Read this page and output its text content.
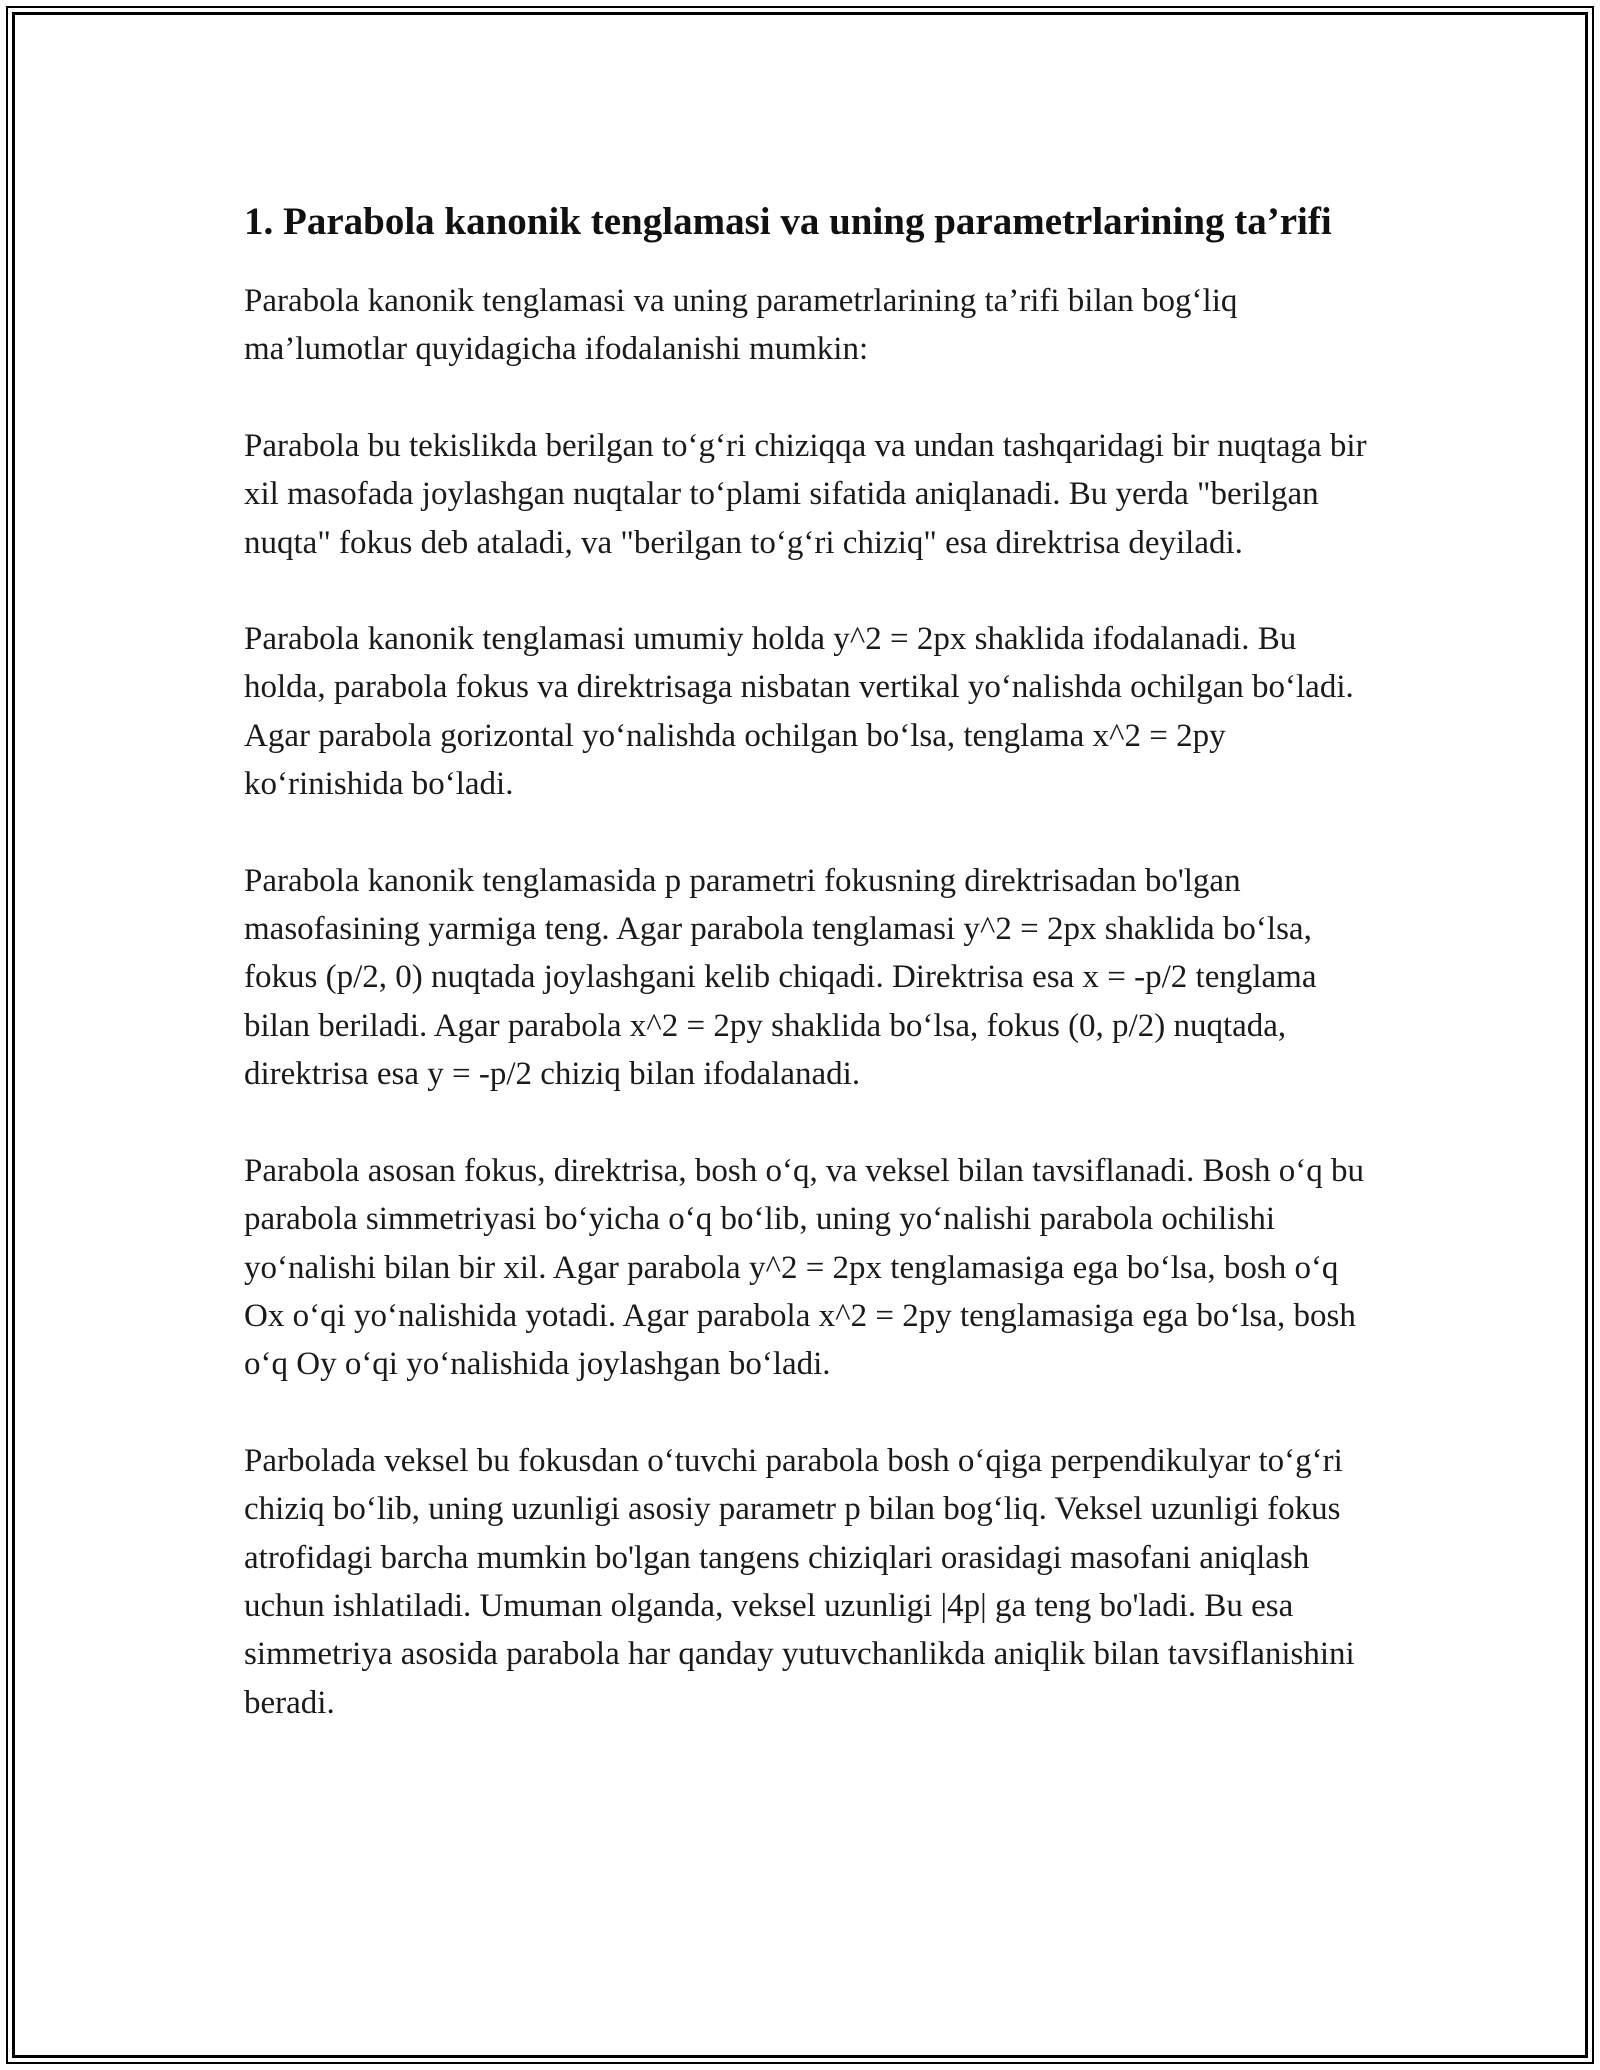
1. Parabola kanonik tenglamasi va uning parametrlarining ta’rifi

Parabola kanonik tenglamasi va uning parametrlarining ta’rifi bilan bog‘liq ma’lumotlar quyidagicha ifodalanishi mumkin:

Parabola bu tekislikda berilgan to‘g‘ri chiziqqa va undan tashqaridagi bir nuqtaga bir xil masofada joylashgan nuqtalar to‘plami sifatida aniqlanadi. Bu yerda "berilgan nuqta" fokus deb ataladi, va "berilgan to‘g‘ri chiziq" esa direktrisa deyiladi.

Parabola kanonik tenglamasi umumiy holda y^2 = 2px shaklida ifodalanadi. Bu holda, parabola fokus va direktrisaga nisbatan vertikal yo‘nalishda ochilgan bo‘ladi. Agar parabola gorizontal yo‘nalishda ochilgan bo‘lsa, tenglama x^2 = 2py ko‘rinishida bo‘ladi.

Parabola kanonik tenglamasida p parametri fokusning direktrisadan bo'lgan masofasining yarmiga teng. Agar parabola tenglamasi y^2 = 2px shaklida bo‘lsa, fokus (p/2, 0) nuqtada joylashgani kelib chiqadi. Direktrisa esa x = -p/2 tenglama bilan beriladi. Agar parabola x^2 = 2py shaklida bo‘lsa, fokus (0, p/2) nuqtada, direktrisa esa y = -p/2 chiziq bilan ifodalanadi.

Parabola asosan fokus, direktrisa, bosh o‘q, va veksel bilan tavsiflanadi. Bosh o‘q bu parabola simmetriyasi bo‘yicha o‘q bo‘lib, uning yo‘nalishi parabola ochilishi yo‘nalishi bilan bir xil. Agar parabola y^2 = 2px tenglamasiga ega bo‘lsa, bosh o‘q Ox o‘qi yo‘nalishida yotadi. Agar parabola x^2 = 2py tenglamasiga ega bo‘lsa, bosh o‘q Oy o‘qi yo‘nalishida joylashgan bo‘ladi.

Parbolada veksel bu fokusdan o‘tuvchi parabola bosh o‘qiga perpendikulyar to‘g‘ri chiziq bo‘lib, uning uzunligi asosiy parametr p bilan bog‘liq. Veksel uzunligi fokus atrofidagi barcha mumkin bo'lgan tangens chiziqlari orasidagi masofani aniqlash uchun ishlatiladi. Umuman olganda, veksel uzunligi |4p| ga teng bo'ladi. Bu esa simmetriya asosida parabola har qanday yutuvchanlikda aniqlik bilan tavsiflanishini beradi.
